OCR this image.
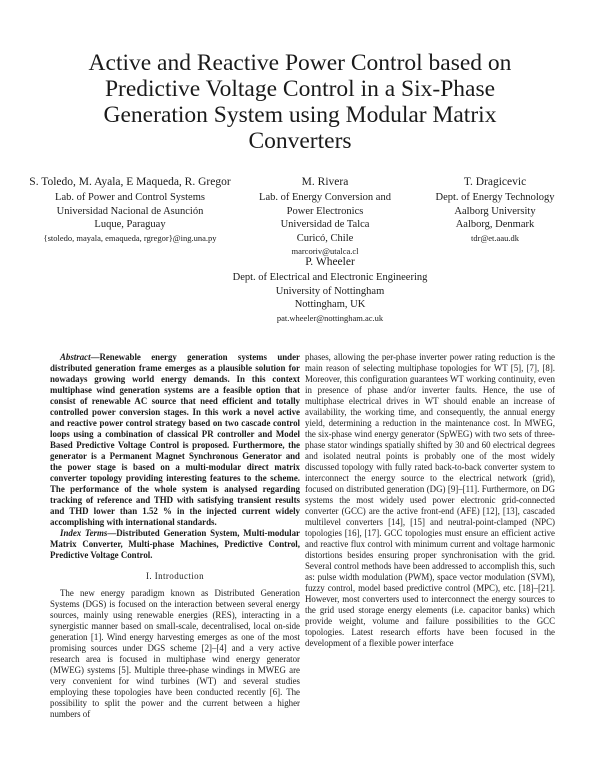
Active and Reactive Power Control based on Predictive Voltage Control in a Six-Phase Generation System using Modular Matrix Converters
S. Toledo, M. Ayala, E Maqueda, R. Gregor
Lab. of Power and Control Systems
Universidad Nacional de Asunción
Luque, Paraguay
{stoledo, mayala, emaqueda, rgregor}@ing.una.py
M. Rivera
Lab. of Energy Conversion and
Power Electronics
Universidad de Talca
Curicó, Chile
marcoriv@utalca.cl
T. Dragicevic
Dept. of Energy Technology
Aalborg University
Aalborg, Denmark
tdr@et.aau.dk
P. Wheeler
Dept. of Electrical and Electronic Engineering
University of Nottingham
Nottingham, UK
pat.wheeler@nottingham.ac.uk

Abstract—Renewable energy generation systems under distributed generation frame emerges as a plausible solution for nowadays growing world energy demands. In this context multiphase wind generation systems are a feasible option that consist of renewable AC source that need efficient and totally controlled power conversion stages. In this work a novel active and reactive power control strategy based on two cascade control loops using a combination of classical PR controller and Model Based Predictive Voltage Control is proposed. Furthermore, the generator is a Permanent Magnet Synchronous Generator and the power stage is based on a multi-modular direct matrix converter topology providing interesting features to the scheme. The performance of the whole system is analysed regarding tracking of reference and THD with satisfying transient results and THD lower than 1.52 % in the injected current widely accomplishing with international standards.

Index Terms—Distributed Generation System, Multi-modular Matrix Converter, Multi-phase Machines, Predictive Control, Predictive Voltage Control.

I. Introduction

The new energy paradigm known as Distributed Generation Systems (DGS) is focused on the interaction between several energy sources, mainly using renewable energies (RES), interacting in a synergistic manner based on small-scale, decentralised, local on-side generation [1]. Wind energy harvesting emerges as one of the most promising sources under DGS scheme [2]–[4] and a very active research area is focused in multiphase wind energy generator (MWEG) systems [5]. Multiple three-phase windings in MWEG are very convenient for wind turbines (WT) and several studies employing these topologies have been conducted recently [6]. The possibility to split the power and the current between a higher numbers of

phases, allowing the per-phase inverter power rating reduction is the main reason of selecting multiphase topologies for WT [5], [7], [8]. Moreover, this configuration guarantees WT working continuity, even in presence of phase and/or inverter faults. Hence, the use of multiphase electrical drives in WT should enable an increase of availability, the working time, and consequently, the annual energy yield, determining a reduction in the maintenance cost. In MWEG, the six-phase wind energy generator (SpWEG) with two sets of three-phase stator windings spatially shifted by 30 and 60 electrical degrees and isolated neutral points is probably one of the most widely discussed topology with fully rated back-to-back converter system to interconnect the energy source to the electrical network (grid), focused on distributed generation (DG) [9]–[11]. Furthermore, on DG systems the most widely used power electronic grid-connected converter (GCC) are the active front-end (AFE) [12], [13], cascaded multilevel converters [14], [15] and neutral-point-clamped (NPC) topologies [16], [17]. GCC topologies must ensure an efficient active and reactive flux control with minimum current and voltage harmonic distortions besides ensuring proper synchronisation with the grid. Several control methods have been addressed to accomplish this, such as: pulse width modulation (PWM), space vector modulation (SVM), fuzzy control, model based predictive control (MPC), etc. [18]–[21]. However, most converters used to interconnect the energy sources to the grid used storage energy elements (i.e. capacitor banks) which provide weight, volume and failure possibilities to the GCC topologies. Latest research efforts have been focused in the development of a flexible power interface
